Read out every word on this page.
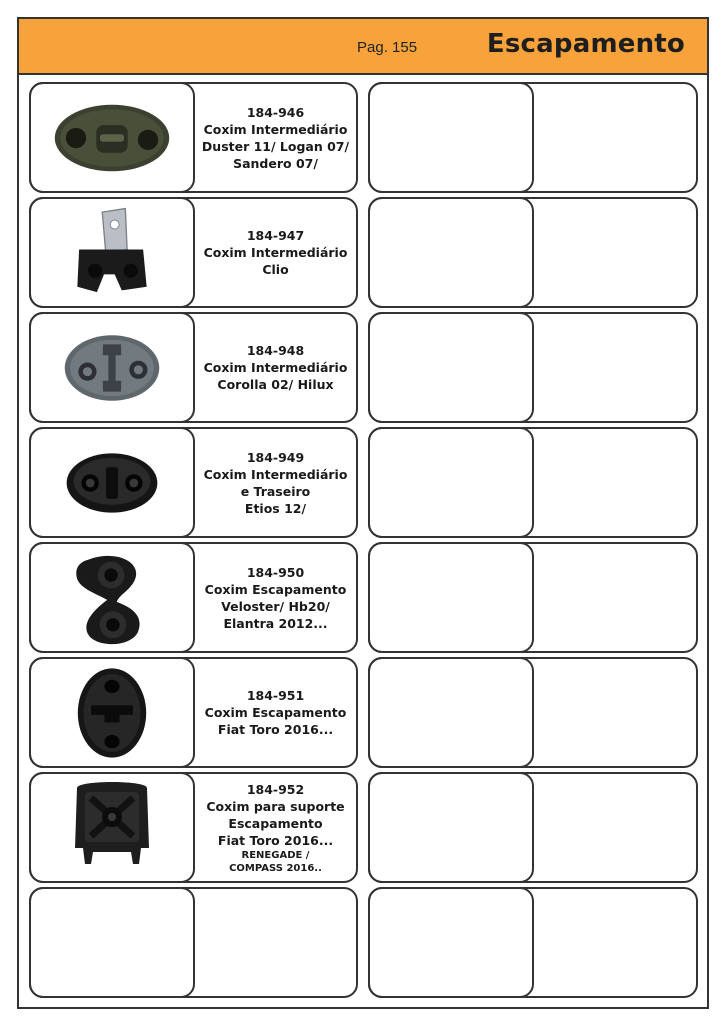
Pag. 155	Escapamento
184-946
Coxim Intermediário
Duster 11/ Logan 07/
Sandero 07/
184-947
Coxim Intermediário
Clio
184-948
Coxim Intermediário
Corolla 02/ Hilux
184-949
Coxim Intermediário
e Traseiro
Etios 12/
184-950
Coxim Escapamento
Veloster/ Hb20/
Elantra 2012...
184-951
Coxim Escapamento
Fiat Toro 2016...
184-952
Coxim para suporte
Escapamento
Fiat Toro 2016...
RENEGADE /
COMPASS 2016..
